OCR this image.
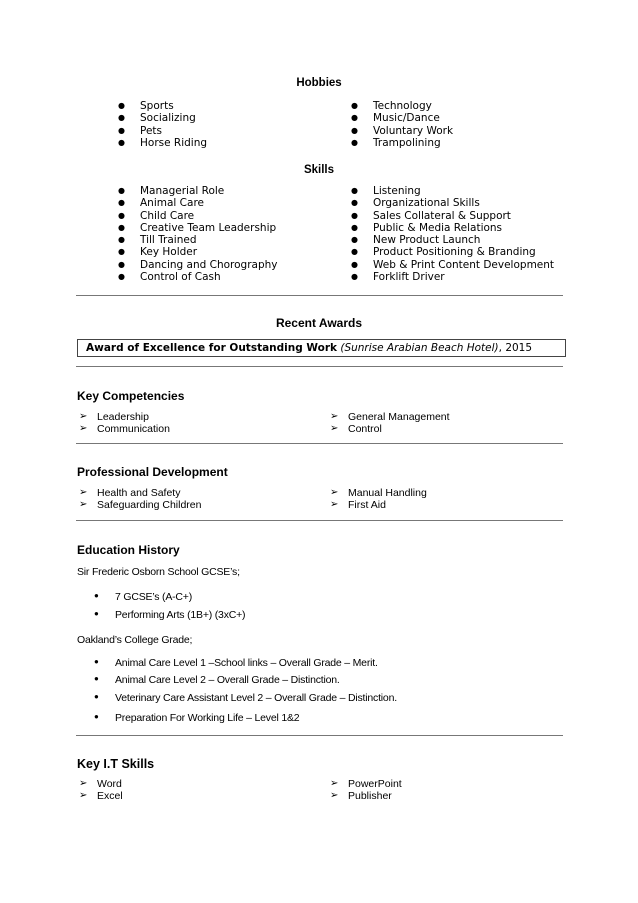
Hobbies
● Sports
● Socializing
● Pets
● Horse Riding
● Technology
● Music/Dance
● Voluntary Work
● Trampolining
Skills
● Managerial Role
● Animal Care
● Child Care
● Creative Team Leadership
● Till Trained
● Key Holder
● Dancing and Chorography
● Control of Cash
● Listening
● Organizational Skills
● Sales Collateral & Support
● Public & Media Relations
● New Product Launch
● Product Positioning & Branding
● Web & Print Content Development
● Forklift Driver
Recent Awards
Award of Excellence for Outstanding Work (Sunrise Arabian Beach Hotel), 2015
Key Competencies
➢ Leadership
➢ Communication
➢ General Management
➢ Control
Professional Development
➢ Health and Safety
➢ Safeguarding Children
➢ Manual Handling
➢ First Aid
Education History
Sir Frederic Osborn School GCSE’s;
● 7 GCSE’s (A-C+)
● Performing Arts (1B+) (3xC+)
Oakland’s College Grade;
● Animal Care Level 1 –School links – Overall Grade – Merit.
● Animal Care Level 2 – Overall Grade – Distinction.
● Veterinary Care Assistant Level 2 – Overall Grade – Distinction.
● Preparation For Working Life – Level 1&2
Key I.T Skills
➢ Word
➢ Excel
➢ PowerPoint
➢ Publisher
